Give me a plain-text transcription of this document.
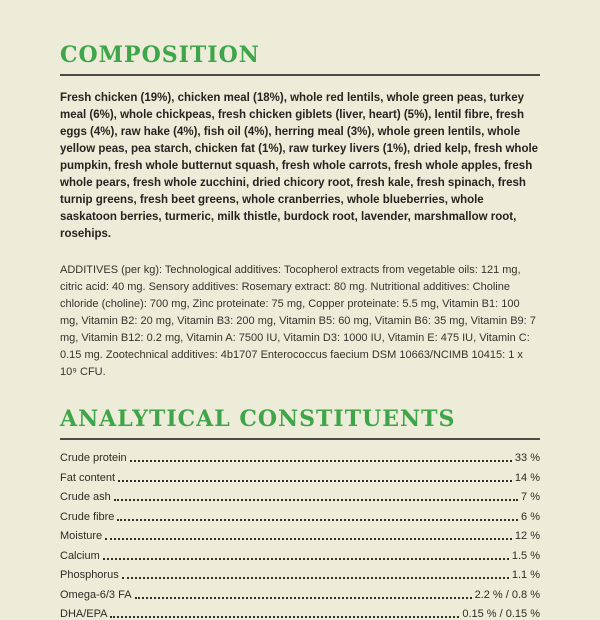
COMPOSITION

Fresh chicken (19%), chicken meal (18%), whole red lentils, whole green peas, turkey meal (6%), whole chickpeas, fresh chicken giblets (liver, heart) (5%), lentil fibre, fresh eggs (4%), raw hake (4%), fish oil (4%), herring meal (3%), whole green lentils, whole yellow peas, pea starch, chicken fat (1%), raw turkey livers (1%), dried kelp, fresh whole pumpkin, fresh whole butternut squash, fresh whole carrots, fresh whole apples, fresh whole pears, fresh whole zucchini, dried chicory root, fresh kale, fresh spinach, fresh turnip greens, fresh beet greens, whole cranberries, whole blueberries, whole saskatoon berries, turmeric, milk thistle, burdock root, lavender, marshmallow root, rosehips.

ADDITIVES (per kg): Technological additives: Tocopherol extracts from vegetable oils: 121 mg, citric acid: 40 mg. Sensory additives: Rosemary extract: 80 mg. Nutritional additives: Choline chloride (choline): 700 mg, Zinc proteinate: 75 mg, Copper proteinate: 5.5 mg, Vitamin B1: 100 mg, Vitamin B2: 20 mg, Vitamin B3: 200 mg, Vitamin B5: 60 mg, Vitamin B6: 35 mg, Vitamin B9: 7 mg, Vitamin B12: 0.2 mg, Vitamin A: 7500 IU, Vitamin D3: 1000 IU, Vitamin E: 475 IU, Vitamin C: 0.15 mg. Zootechnical additives: 4b1707 Enterococcus faecium DSM 10663/NCIMB 10415: 1 x 10⁹ CFU.

ANALYTICAL CONSTITUENTS
Crude protein	33 %
Fat content	14 %
Crude ash	7 %
Crude fibre	6 %
Moisture	12 %
Calcium	1.5 %
Phosphorus	1.1 %
Omega-6/3 FA	2.2 % / 0.8 %
DHA/EPA	0.15 % / 0.15 %
